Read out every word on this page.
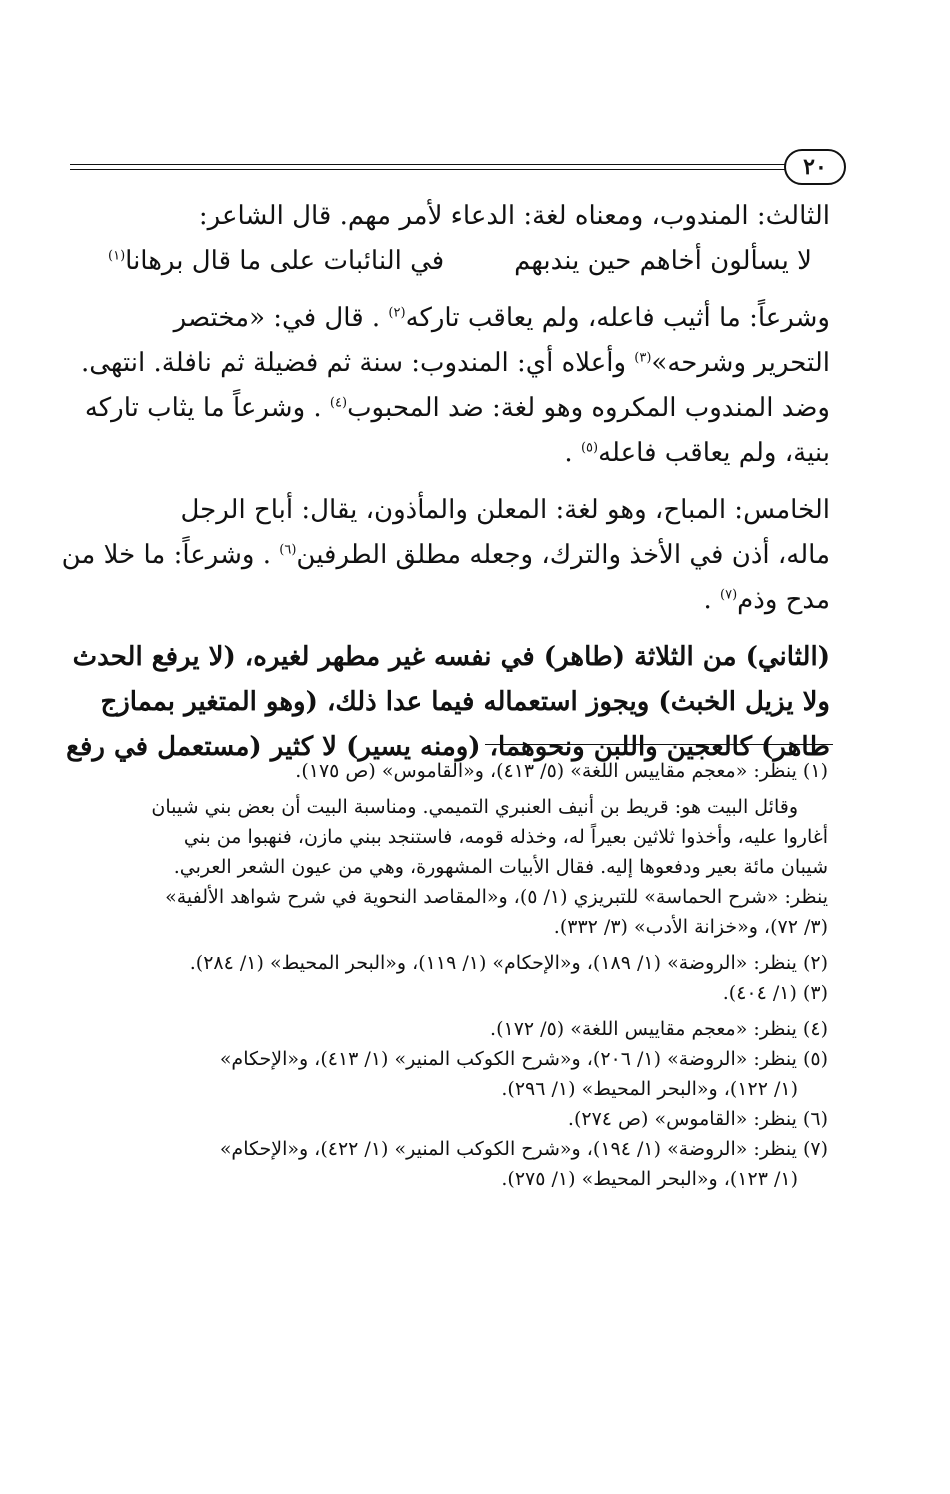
٢٠
الثالث: المندوب، ومعناه لغة: الدعاء لأمر مهم. قال الشاعر:
لا يسألون أخاهم حين يندبهم
في النائبات على ما قال برهانا$^{(١)}$
وشرعاً: ما أثيب فاعله، ولم يعاقب تاركه$^{(٢)}$ . قال في: «مختصر
التحرير وشرحه»$^{(٣)}$ وأعلاه أي: المندوب: سنة ثم فضيلة ثم نافلة. انتهى.
وضد المندوب المكروه وهو لغة: ضد المحبوب$^{(٤)}$ . وشرعاً ما يثاب تاركه
بنية، ولم يعاقب فاعله$^{(٥)}$ .
الخامس: المباح، وهو لغة: المعلن والمأذون، يقال: أباح الرجل
ماله، أذن في الأخذ والترك، وجعله مطلق الطرفين$^{(٦)}$ . وشرعاً: ما خلا من
مدح وذم$^{(٧)}$ .
(الثاني) من الثلاثة (طاهر) في نفسه غير مطهر لغيره، (لا يرفع الحدث
ولا يزيل الخبث) ويجوز استعماله فيما عدا ذلك، (وهو المتغير بممازج
طاهر) كالعجين واللبن ونحوهما، (ومنه يسير) لا كثير (مستعمل في رفع
(١) ينظر: «معجم مقاييس اللغة» (٥/ ٤١٣)، و«القاموس» (ص ١٧٥).
وقائل البيت هو: قريط بن أنيف العنبري التميمي. ومناسبة البيت أن بعض بني شيبان
أغاروا عليه، وأخذوا ثلاثين بعيراً له، وخذله قومه، فاستنجد ببني مازن، فنهبوا من بني
شيبان مائة بعير ودفعوها إليه. فقال الأبيات المشهورة، وهي من عيون الشعر العربي.
ينظر: «شرح الحماسة» للتبريزي (١/ ٥)، و«المقاصد النحوية في شرح شواهد الألفية»
(٣/ ٧٢)، و«خزانة الأدب» (٣/ ٣٣٢).
(٢) ينظر: «الروضة» (١/ ١٨٩)، و«الإحكام» (١/ ١١٩)، و«البحر المحيط» (١/ ٢٨٤).
(٣) (١/ ٤٠٤).
(٤) ينظر: «معجم مقاييس اللغة» (٥/ ١٧٢).
(٥) ينظر: «الروضة» (١/ ٢٠٦)، و«شرح الكوكب المنير» (١/ ٤١٣)، و«الإحكام»
(١/ ١٢٢)، و«البحر المحيط» (١/ ٢٩٦).
(٦) ينظر: «القاموس» (ص ٢٧٤).
(٧) ينظر: «الروضة» (١/ ١٩٤)، و«شرح الكوكب المنير» (١/ ٤٢٢)، و«الإحكام»
(١/ ١٢٣)، و«البحر المحيط» (١/ ٢٧٥).
